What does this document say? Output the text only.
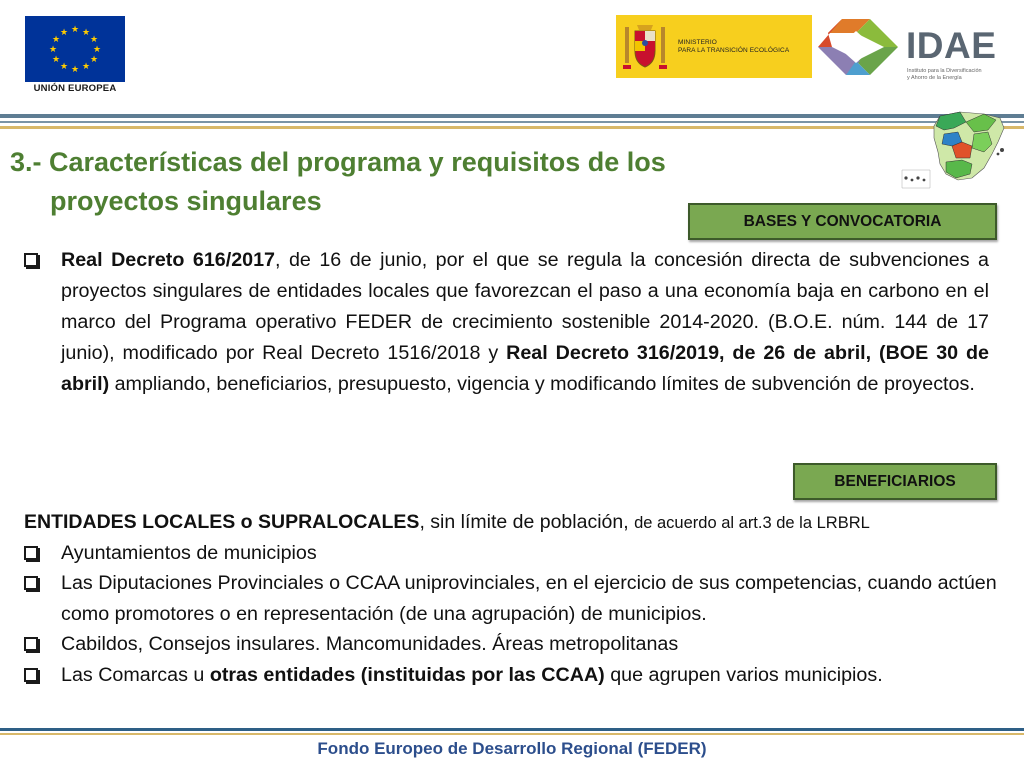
★ ★
★
★
★
★
★
★
★
★
★
★
UNIÓN EUROPEA
MINISTERIO
PARA LA TRANSICIÓN ECOLÓGICA	IDAE
Instituto para la Diversificación
y Ahorro de la Energía
3.- Características del programa y requisitos de los
proyectos singulares
BASES Y CONVOCATORIA
BENEFICIARIOS
Real Decreto 616/2017, de 16 de junio, por el que se regula la concesión directa de subvenciones a proyectos singulares de entidades locales que favorezcan el paso a una economía baja en carbono en el marco del Programa operativo FEDER de crecimiento sostenible 2014-2020. (B.O.E. núm. 144 de 17 junio), modificado por Real Decreto 1516/2018 y Real Decreto 316/2019, de 26 de abril, (BOE 30 de abril) ampliando, beneficiarios, presupuesto, vigencia y modificando límites de subvención de proyectos.
ENTIDADES LOCALES o SUPRALOCALES, sin límite de población, de acuerdo al art.3 de la LRBRL
Ayuntamientos de municipios
Las Diputaciones Provinciales o CCAA uniprovinciales, en el ejercicio de sus competencias, cuando actúen como promotores o en representación (de una agrupación) de municipios.
Cabildos, Consejos insulares. Mancomunidades. Áreas metropolitanas
Las Comarcas u otras entidades (instituidas por las CCAA) que agrupen varios municipios.
Fondo Europeo de Desarrollo Regional (FEDER)
